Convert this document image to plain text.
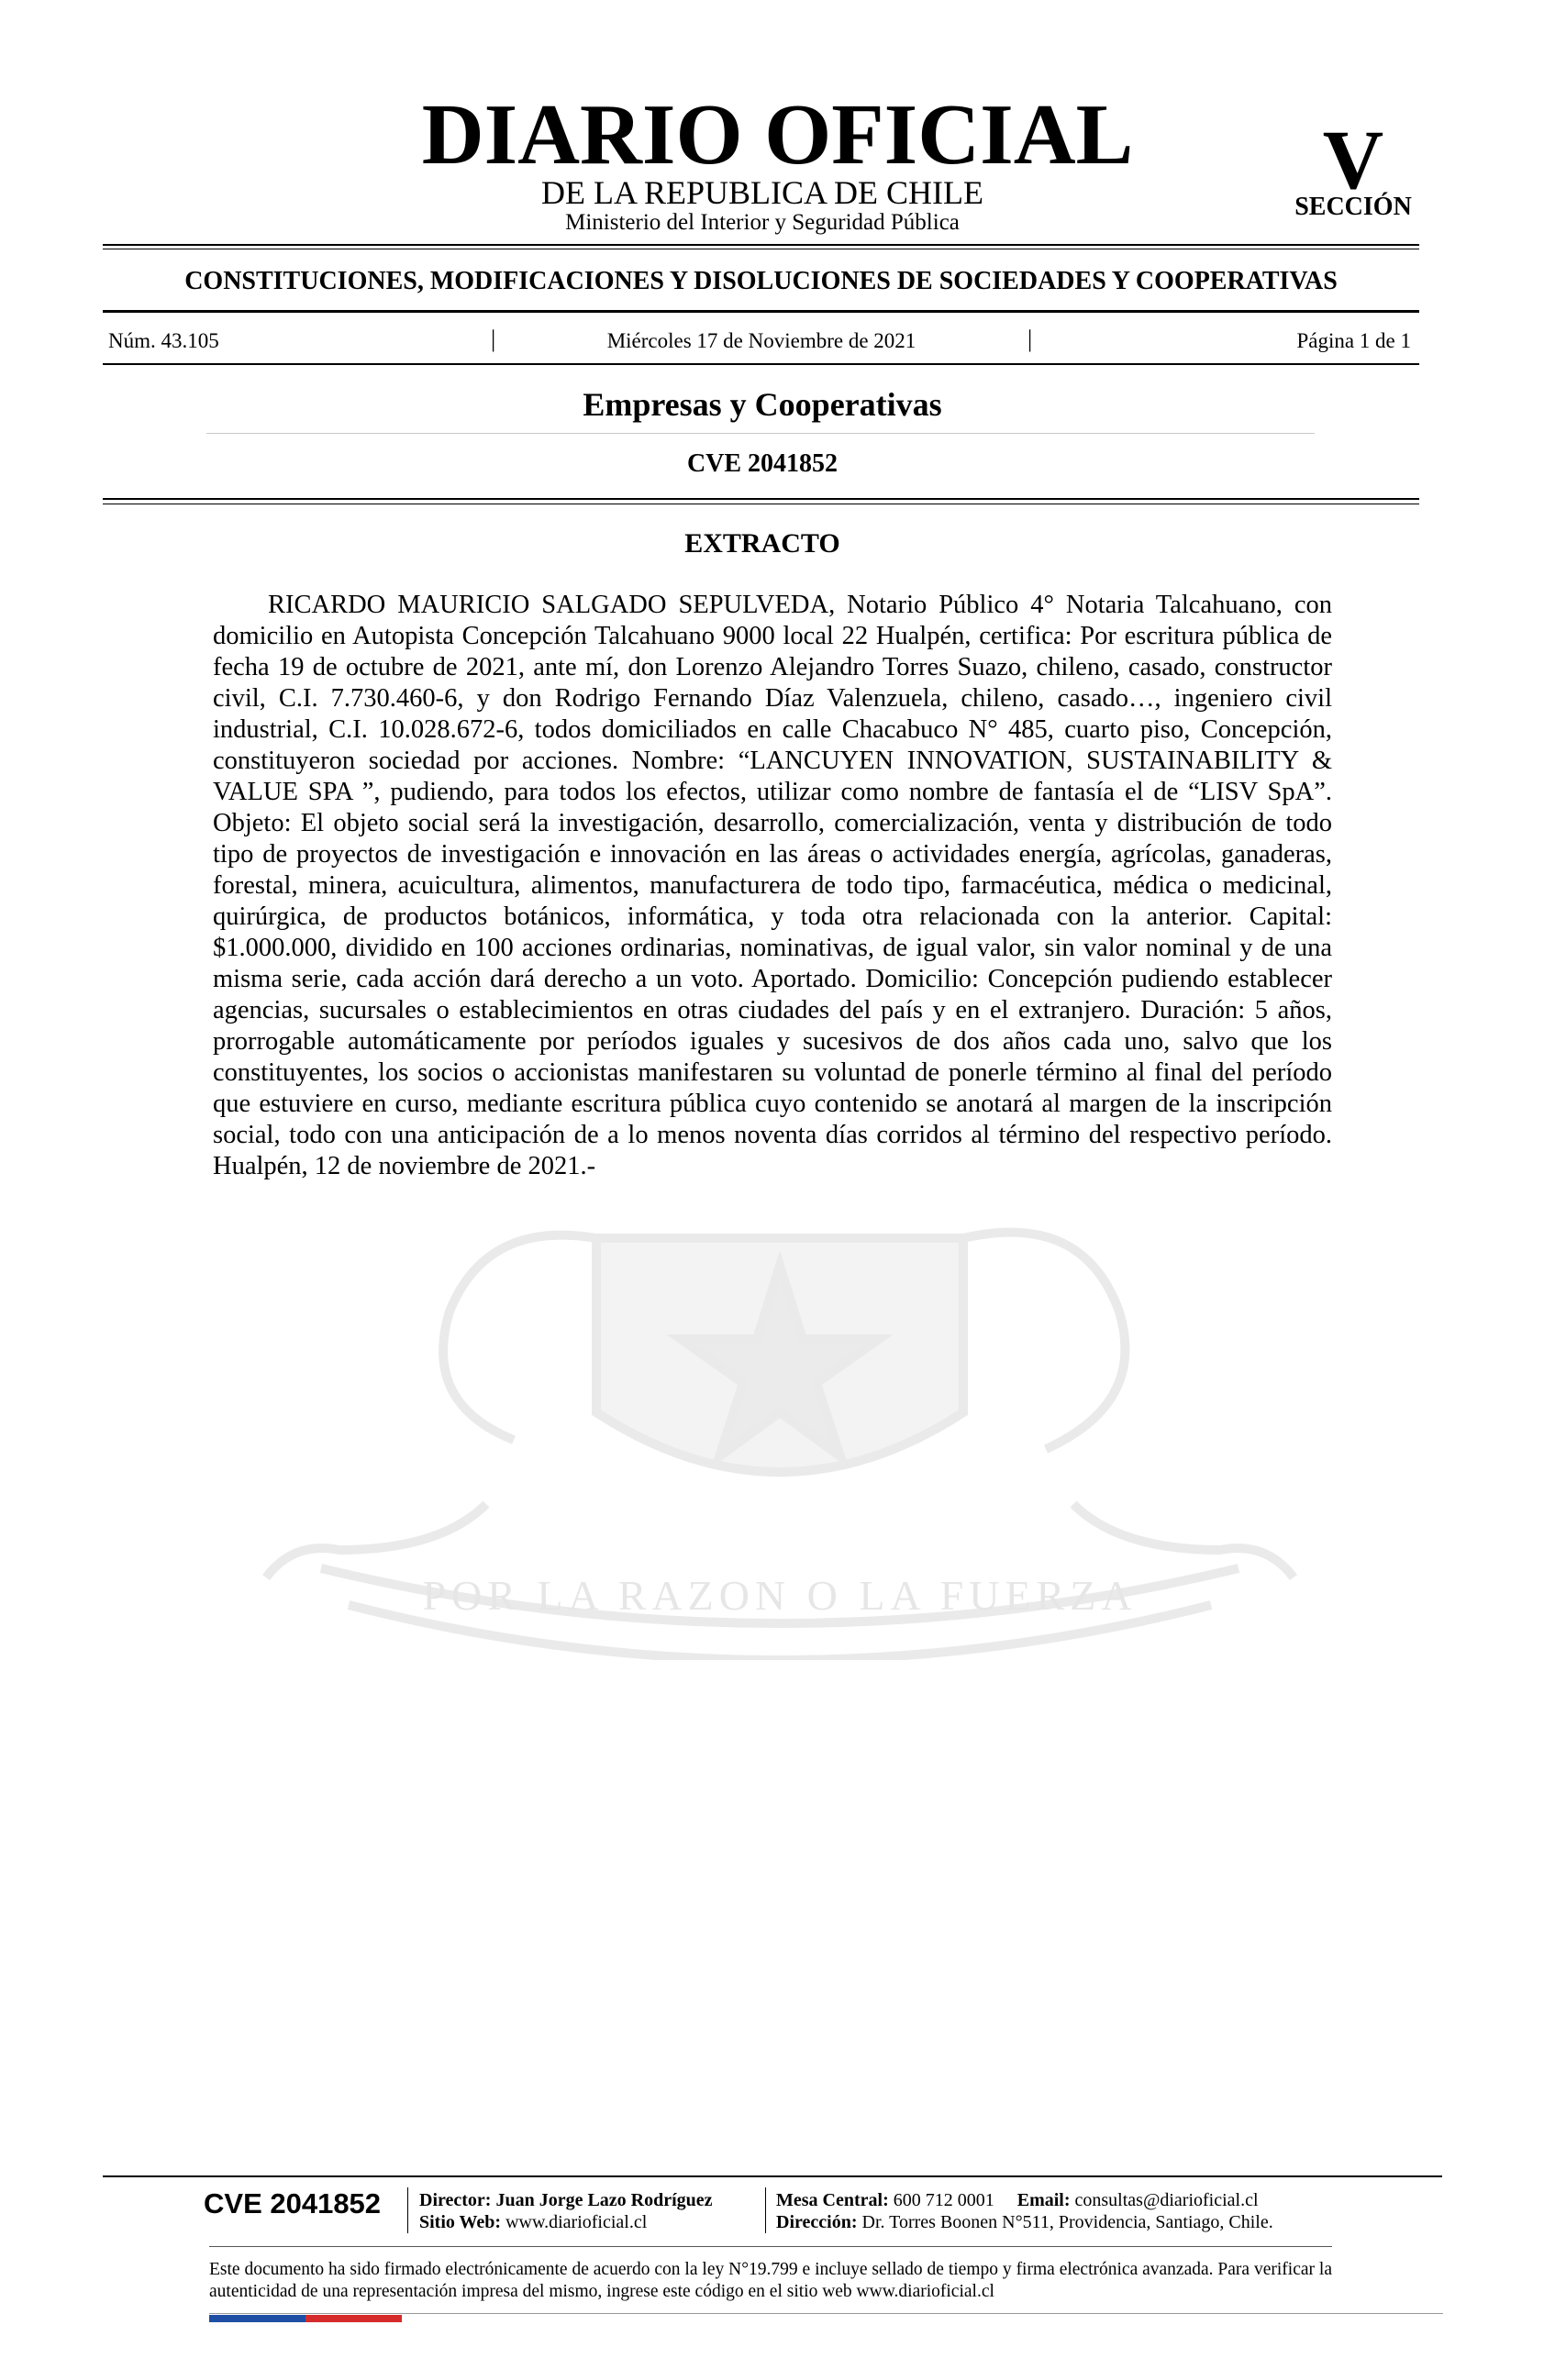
DIARIO OFICIAL
DE LA REPUBLICA DE CHILE
Ministerio del Interior y Seguridad Pública
V
SECCIÓN
CONSTITUCIONES, MODIFICACIONES Y DISOLUCIONES DE SOCIEDADES Y COOPERATIVAS
Núm. 43.105	|	Miércoles 17 de Noviembre de 2021	|	Página 1 de 1
Empresas y Cooperativas
CVE 2041852
EXTRACTO
POR LA RAZON O LA FUERZA

RICARDO MAURICIO SALGADO SEPULVEDA, Notario Público 4° Notaria Talcahuano, con domicilio en Autopista Concepción Talcahuano 9000 local 22 Hualpén, certifica: Por escritura pública de fecha 19 de octubre de 2021, ante mí, don Lorenzo Alejandro Torres Suazo, chileno, casado, constructor civil, C.I. 7.730.460-6, y don Rodrigo Fernando Díaz Valenzuela, chileno, casado…, ingeniero civil industrial, C.I. 10.028.672-6, todos domiciliados en calle Chacabuco N° 485, cuarto piso, Concepción, constituyeron sociedad por acciones. Nombre: “LANCUYEN INNOVATION, SUSTAINABILITY & VALUE SPA ”, pudiendo, para todos los efectos, utilizar como nombre de fantasía el de “LISV SpA”. Objeto: El objeto social será la investigación, desarrollo, comercialización, venta y distribución de todo tipo de proyectos de investigación e innovación en las áreas o actividades energía, agrícolas, ganaderas, forestal, minera, acuicultura, alimentos, manufacturera de todo tipo, farmacéutica, médica o medicinal, quirúrgica, de productos botánicos, informática, y toda otra relacionada con la anterior. Capital: $1.000.000, dividido en 100 acciones ordinarias, nominativas, de igual valor, sin valor nominal y de una misma serie, cada acción dará derecho a un voto. Aportado. Domicilio: Concepción pudiendo establecer agencias, sucursales o establecimientos en otras ciudades del país y en el extranjero. Duración: 5 años, prorrogable automáticamente por períodos iguales y sucesivos de dos años cada uno, salvo que los constituyentes, los socios o accionistas manifestaren su voluntad de ponerle término al final del período que estuviere en curso, mediante escritura pública cuyo contenido se anotará al margen de la inscripción social, todo con una anticipación de a lo menos noventa días corridos al término del respectivo período. Hualpén, 12 de noviembre de 2021.-

CVE 2041852	Director: Juan Jorge Lazo Rodríguez
Sitio Web: www.diarioficial.cl
Mesa Central: 600 712 0001 Email: consultas@diarioficial.cl
Dirección: Dr. Torres Boonen N°511, Providencia, Santiago, Chile.
Este documento ha sido firmado electrónicamente de acuerdo con la ley N°19.799 e incluye sellado de tiempo y firma electrónica avanzada. Para verificar la autenticidad de una representación impresa del mismo, ingrese este código en el sitio web www.diarioficial.cl
